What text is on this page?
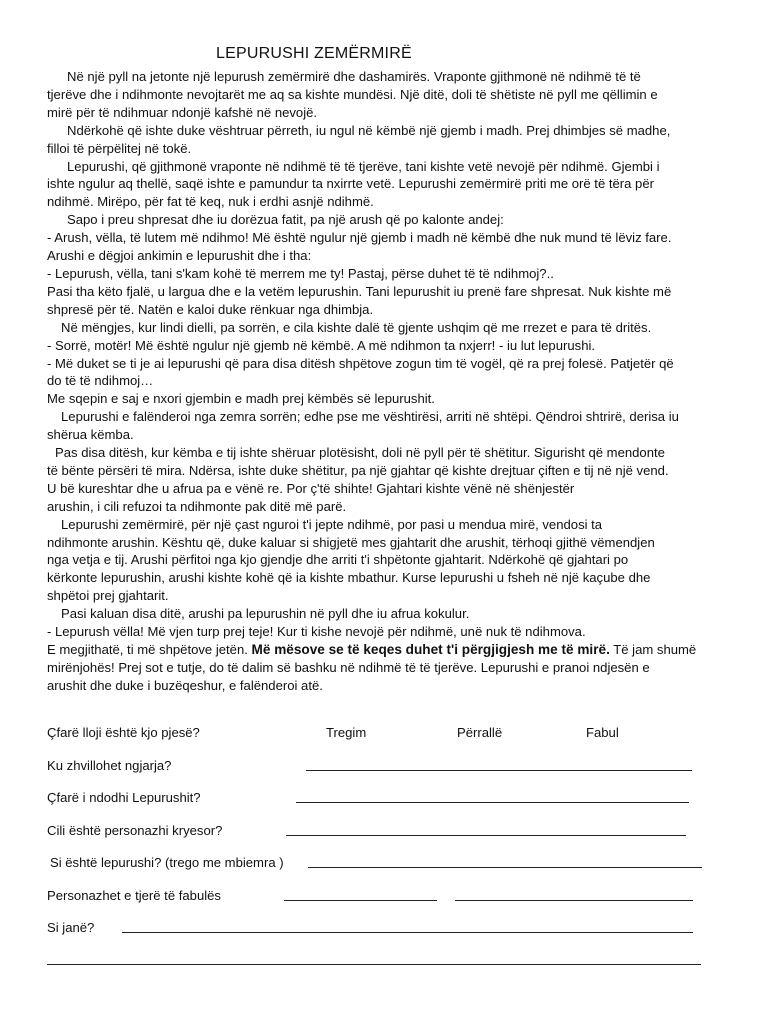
LEPURUSHI ZEMËRMIRË

Në një pyll na jetonte një lepurush zemërmirë dhe dashamirës. Vraponte gjithmonë në ndihmë të të

tjerëve dhe i ndihmonte nevojtarët me aq sa kishte mundësi. Një ditë, doli të shëtiste në pyll me qëllimin e

mirë për të ndihmuar ndonjë kafshë në nevojë.

Ndërkohë që ishte duke vështruar përreth, iu ngul në këmbë një gjemb i madh. Prej dhimbjes së madhe,

filloi të përpëlitej në tokë.

Lepurushi, që gjithmonë vraponte në ndihmë të të tjerëve, tani kishte vetë nevojë për ndihmë. Gjembi i

ishte ngulur aq thellë, saqë ishte e pamundur ta nxirrte vetë. Lepurushi zemërmirë priti me orë të tëra për

ndihmë. Mirëpo, për fat të keq, nuk i erdhi asnjë ndihmë.

Sapo i preu shpresat dhe iu dorëzua fatit, pa një arush që po kalonte andej:

- Arush, vëlla, të lutem më ndihmo! Më është ngulur një gjemb i madh në këmbë dhe nuk mund të lëviz fare.

Arushi e dëgjoi ankimin e lepurushit dhe i tha:

- Lepurush, vëlla, tani s'kam kohë të merrem me ty! Pastaj, përse duhet të të ndihmoj?..

Pasi tha këto fjalë, u largua dhe e la vetëm lepurushin. Tani lepurushit iu prenë fare shpresat. Nuk kishte më

shpresë për të. Natën e kaloi duke rënkuar nga dhimbja.

Në mëngjes, kur lindi dielli, pa sorrën, e cila kishte dalë të gjente ushqim që me rrezet e para të dritës.

- Sorrë, motër! Më është ngulur një gjemb në këmbë. A më ndihmon ta nxjerr! - iu lut lepurushi.

- Më duket se ti je ai lepurushi që para disa ditësh shpëtove zogun tim të vogël, që ra prej folesë. Patjetër që

do të të ndihmoj…

Me sqepin e saj e nxori gjembin e madh prej këmbës së lepurushit.

Lepurushi e falënderoi nga zemra sorrën; edhe pse me vështirësi, arriti në shtëpi. Qëndroi shtrirë, derisa iu

shërua këmba.

Pas disa ditësh, kur këmba e tij ishte shëruar plotësisht, doli në pyll për të shëtitur. Sigurisht që mendonte

të bënte përsëri të mira. Ndërsa, ishte duke shëtitur, pa një gjahtar që kishte drejtuar çiften e tij në një vend.

U bë kureshtar dhe u afrua pa e vënë re. Por ç'të shihte! Gjahtari kishte vënë në shënjestër

arushin, i cili refuzoi ta ndihmonte pak ditë më parë.

Lepurushi zemërmirë, për një çast nguroi t'i jepte ndihmë, por pasi u mendua mirë, vendosi ta

ndihmonte arushin. Kështu që, duke kaluar si shigjetë mes gjahtarit dhe arushit, tërhoqi gjithë vëmendjen

nga vetja e tij. Arushi përfitoi nga kjo gjendje dhe arriti t'i shpëtonte gjahtarit. Ndërkohë që gjahtari po

kërkonte lepurushin, arushi kishte kohë që ia kishte mbathur. Kurse lepurushi u fsheh në një kaçube dhe

shpëtoi prej gjahtarit.

Pasi kaluan disa ditë, arushi pa lepurushin në pyll dhe iu afrua kokulur.

- Lepurush vëlla! Më vjen turp prej teje! Kur ti kishe nevojë për ndihmë, unë nuk të ndihmova.

E megjithatë, ti më shpëtove jetën. Më mësove se të keqes duhet t'i përgjigjesh me të mirë. Të jam shumë

mirënjohës! Prej sot e tutje, do të dalim së bashku në ndihmë të të tjerëve. Lepurushi e pranoi ndjesën e

arushit dhe duke i buzëqeshur, e falënderoi atë.

Çfarë lloji është kjo pjesë?	Tregim	Përrallë	Fabul
Ku zhvillohet ngjarja?
Çfarë i ndodhi Lepurushit?
Cili është personazhi kryesor?
Si është lepurushi? (trego me mbiemra )
Personazhet e tjerë të fabulës
Si janë?
